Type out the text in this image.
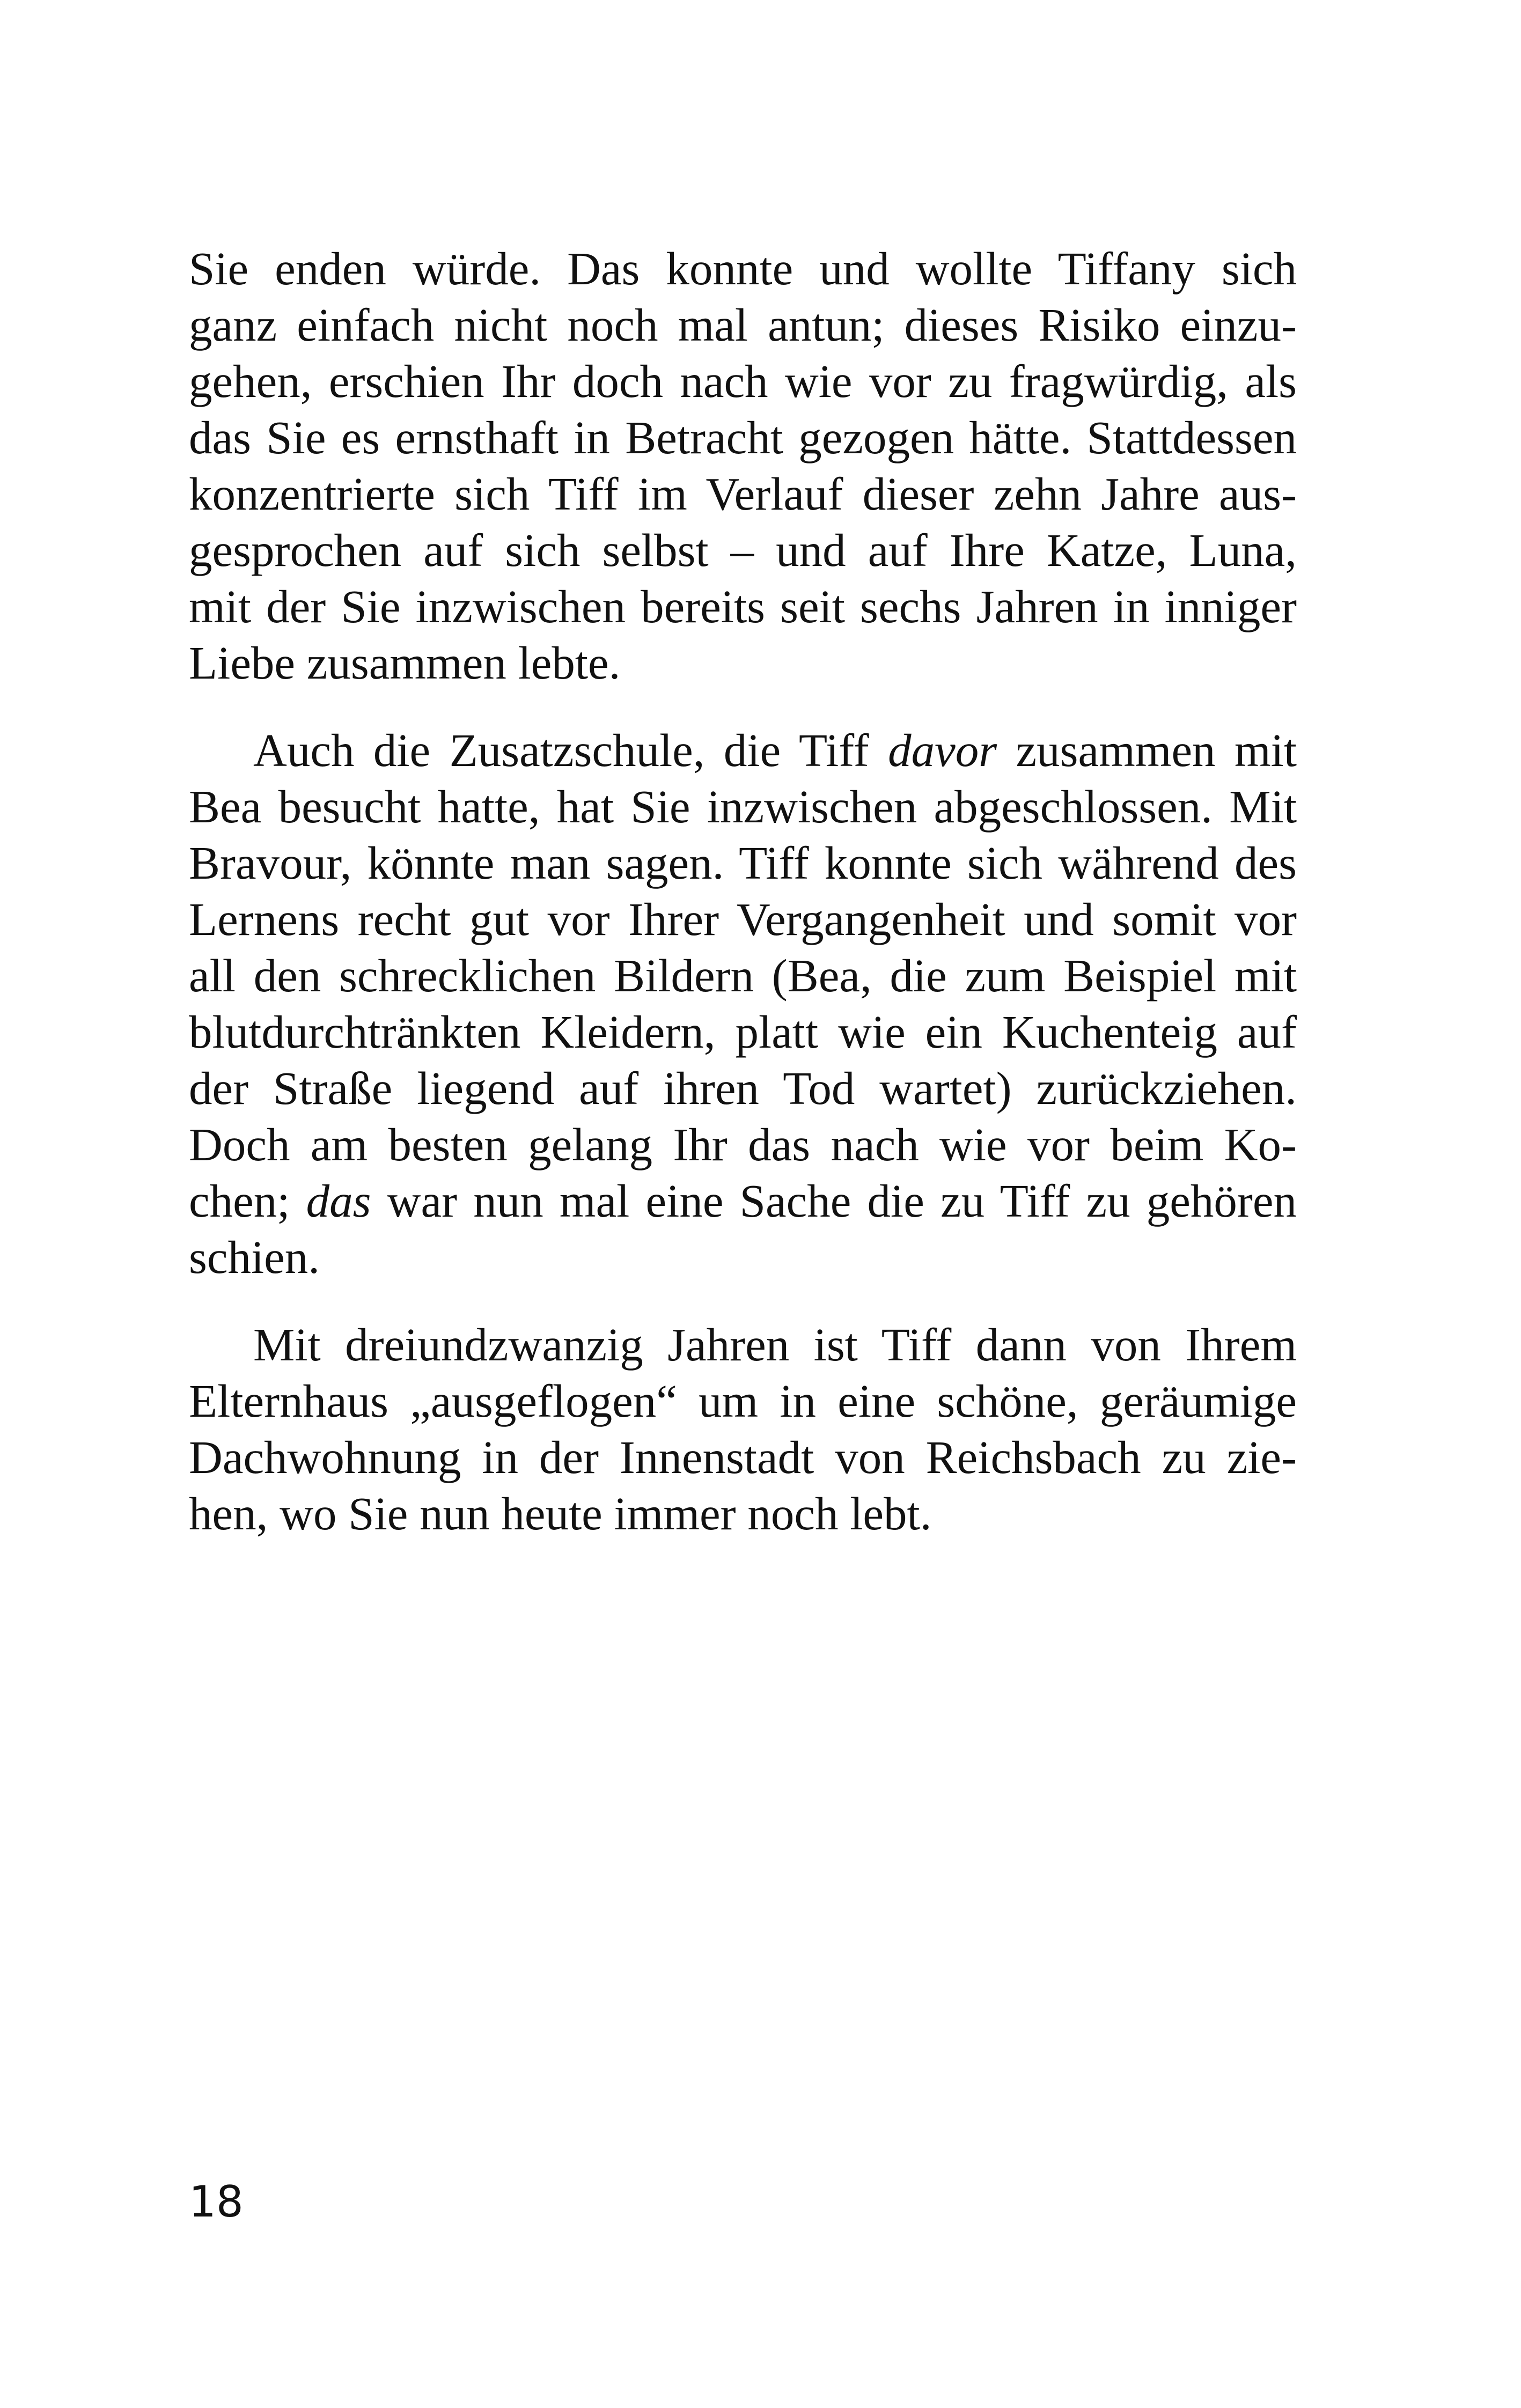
Sie enden würde. Das konnte und wollte Tiffany sich
ganz einfach nicht noch mal antun; dieses Risiko einzu-
gehen, erschien Ihr doch nach wie vor zu fragwürdig, als
das Sie es ernsthaft in Betracht gezogen hätte. Stattdessen
konzentrierte sich Tiff im Verlauf dieser zehn Jahre aus-
gesprochen auf sich selbst – und auf Ihre Katze, Luna,
mit der Sie inzwischen bereits seit sechs Jahren in inniger
Liebe zusammen lebte.
Auch die Zusatzschule, die Tiff davor zusammen mit
Bea besucht hatte, hat Sie inzwischen abgeschlossen. Mit
Bravour, könnte man sagen. Tiff konnte sich während des
Lernens recht gut vor Ihrer Vergangenheit und somit vor
all den schrecklichen Bildern (Bea, die zum Beispiel mit
blutdurchtränkten Kleidern, platt wie ein Kuchenteig auf
der Straße liegend auf ihren Tod wartet) zurückziehen.
Doch am besten gelang Ihr das nach wie vor beim Ko-
chen; das war nun mal eine Sache die zu Tiff zu gehören
schien.
Mit dreiundzwanzig Jahren ist Tiff dann von Ihrem
Elternhaus „ausgeflogen“ um in eine schöne, geräumige
Dachwohnung in der Innenstadt von Reichsbach zu zie-
hen, wo Sie nun heute immer noch lebt.
18
